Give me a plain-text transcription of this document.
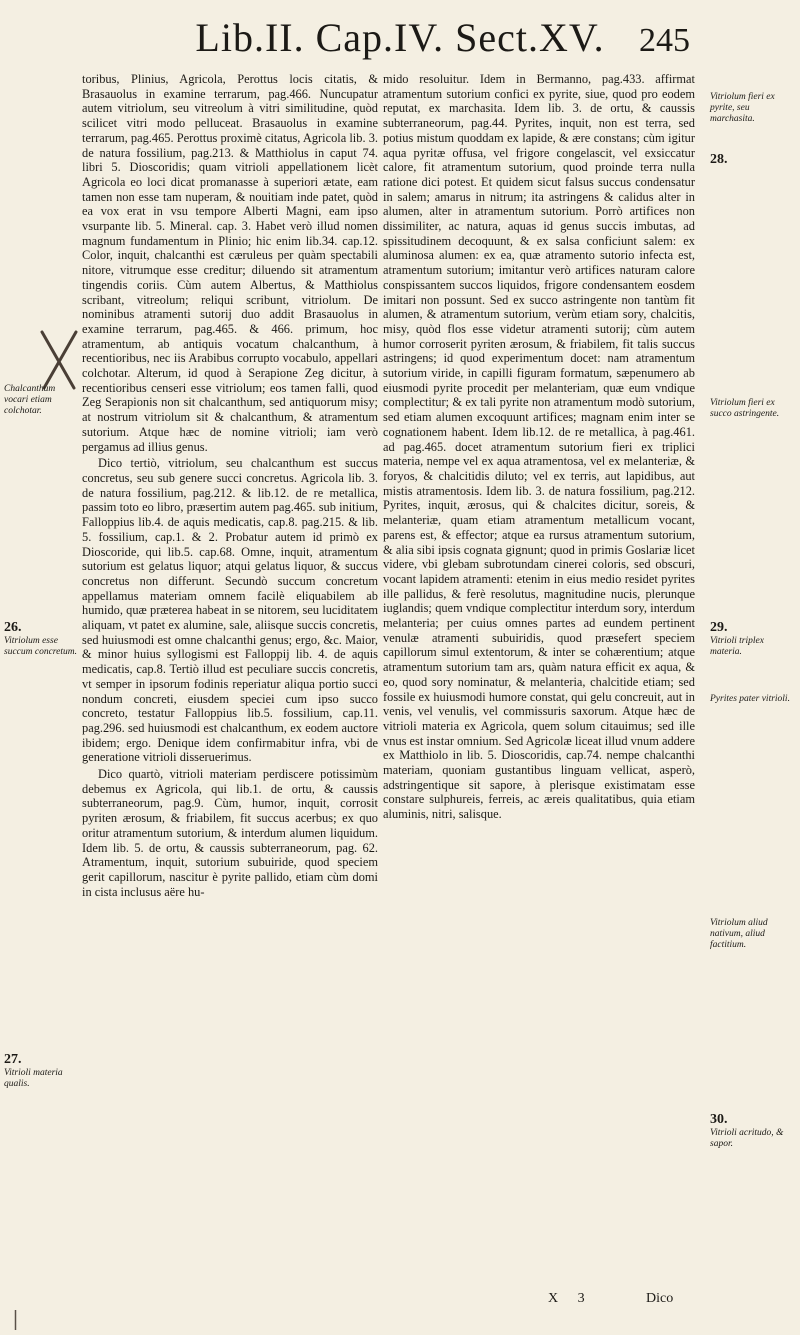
Lib.II. Cap.IV. Sect.XV.	245

toribus, Plinius, Agricola, Perottus locis citatis, & Brasauolus in examine terrarum, pag.466. Nuncupatur autem vitriolum, seu vitreolum à vitri similitudine, quòd scilicet vitri modo pelluceat. Brasauolus in examine terrarum, pag.465. Perottus proximè citatus, Agricola lib. 3. de natura fossilium, pag.213. & Matthiolus in caput 74. libri 5. Dioscoridis; quam vitrioli appellationem licèt Agricola eo loci dicat promanasse à superiori ætate, eam tamen non esse tam nuperam, & nouitiam inde patet, quòd ea vox erat in vsu tempore Alberti Magni, eam ipso vsurpante lib. 5. Mineral. cap. 3. Habet verò illud nomen magnum fundamentum in Plinio; hic enim lib.34. cap.12. Color, inquit, chalcanthi est cæruleus per quàm spectabili nitore, vitrumque esse creditur; diluendo sit atramentum tingendis coriis. Cùm autem Albertus, & Matthiolus scribant, vitreolum; reliqui scribunt, vitriolum. De nominibus atramenti sutorij duo addit Brasauolus in examine terrarum, pag.465. & 466. primum, hoc atramentum, ab antiquis vocatum chalcanthum, à recentioribus, nec iis Arabibus corrupto vocabulo, appellari colchotar. Alterum, id quod à Serapione Zeg dicitur, à recentioribus censeri esse vitriolum; eos tamen falli, quod Zeg Serapionis non sit chalcanthum, sed antiquorum misy; at nostrum vitriolum sit & chalcanthum, & atramentum sutorium. Atque hæc de nomine vitrioli; iam verò pergamus ad illius genus.

Dico tertiò, vitriolum, seu chalcanthum est succus concretus, seu sub genere succi concretus. Agricola lib. 3. de natura fossilium, pag.212. & lib.12. de re metallica, passim toto eo libro, præsertim autem pag.465. sub initium, Falloppius lib.4. de aquis medicatis, cap.8. pag.215. & lib. 5. fossilium, cap.1. & 2. Probatur autem id primò ex Dioscoride, qui lib.5. cap.68. Omne, inquit, atramentum sutorium est gelatus liquor; atqui gelatus liquor, & succus concretus non differunt. Secundò succum concretum appellamus materiam omnem facilè eliquabilem ab humido, quæ præterea habeat in se nitorem, seu luciditatem aliquam, vt patet ex alumine, sale, aliisque succis concretis, sed huiusmodi est omne chalcanthi genus; ergo, &c. Maior, & minor huius syllogismi est Falloppij lib. 4. de aquis medicatis, cap.8. Tertiò illud est peculiare succis concretis, vt semper in ipsorum fodinis reperiatur aliqua portio succi nondum concreti, eiusdem speciei cum ipso succo concreto, testatur Falloppius lib.5. fossilium, cap.11. pag.296. sed huiusmodi est chalcanthum, ex eodem auctore ibidem; ergo. Denique idem confirmabitur infra, vbi de generatione vitrioli disseruerimus.

Dico quartò, vitrioli materiam perdiscere potissimùm debemus ex Agricola, qui lib.1. de ortu, & caussis subterraneorum, pag.9. Cùm, humor, inquit, corrosit pyriten ærosum, & friabilem, fit succus acerbus; ex quo oritur atramentum sutorium, & interdum alumen liquidum. Idem lib. 5. de ortu, & caussis subterraneorum, pag. 62. Atramentum, inquit, sutorium subuiride, quod speciem gerit capillorum, nascitur è pyrite pallido, etiam cùm domi in cista inclusus aëre hu-

mido resoluitur. Idem in Bermanno, pag.433. affirmat atramentum sutorium confici ex pyrite, siue, quod pro eodem reputat, ex marchasita. Idem lib. 3. de ortu, & caussis subterraneorum, pag.44. Pyrites, inquit, non est terra, sed potius mistum quoddam ex lapide, & ære constans; cùm igitur aqua pyritæ offusa, vel frigore congelascit, vel exsiccatur calore, fit atramentum sutorium, quod proinde terra nulla ratione dici potest. Et quidem sicut falsus succus condensatur in salem; amarus in nitrum; ita astringens & calidus alter in alumen, alter in atramentum sutorium. Porrò artifices non dissimiliter, ac natura, aquas id genus succis imbutas, ad spissitudinem decoquunt, & ex salsa conficiunt salem: ex aluminosa alumen: ex ea, quæ atramento sutorio infecta est, atramentum sutorium; imitantur verò artifices naturam calore conspissantem succos liquidos, frigore condensantem eosdem imitari non possunt. Sed ex succo astringente non tantùm fit alumen, & atramentum sutorium, verùm etiam sory, chalcitis, misy, quòd flos esse videtur atramenti sutorij; cùm autem humor corroserit pyriten ærosum, & friabilem, fit talis succus astringens; id quod experimentum docet: nam atramentum sutorium viride, in capilli figuram formatum, sæpenumero ab eiusmodi pyrite procedit per melanteriam, quæ eum vndique complectitur; & ex tali pyrite non atramentum modò sutorium, sed etiam alumen excoquunt artifices; magnam enim inter se cognationem habent. Idem lib.12. de re metallica, à pag.461. ad pag.465. docet atramentum sutorium fieri ex triplici materia, nempe vel ex aqua atramentosa, vel ex melanteriæ, & foryos, & chalcitidis diluto; vel ex terris, aut lapidibus, aut mistis atramentosis. Idem lib. 3. de natura fossilium, pag.212. Pyrites, inquit, ærosus, qui & chalcites dicitur, soreis, & melanteriæ, quam etiam atramentum metallicum vocant, parens est, & effector; atque ea rursus atramentum sutorium, & alia sibi ipsis cognata gignunt; quod in primis Goslariæ licet videre, vbi glebam subrotundam cinerei coloris, sed obscuri, vocant lapidem atramenti: etenim in eius medio residet pyrites ille pallidus, & ferè resolutus, magnitudine nucis, plerunque iuglandis; quem vndique complectitur interdum sory, interdum melanteria; per cuius omnes partes ad eundem pertinent venulæ atramenti subuiridis, quod præsefert speciem capillorum simul extentorum, & inter se cohærentium; atque atramentum sutorium tam ars, quàm natura efficit ex aqua, & eo, quod sory nominatur, & melanteria, chalcitide etiam; sed fossile ex huiusmodi humore constat, qui gelu concreuit, aut in venis, vel venulis, vel commissuris saxorum. Atque hæc de vitrioli materia ex Agricola, quem solum citauimus; sed ille vnus est instar omnium. Sed Agricolæ liceat illud vnum addere ex Matthiolo in lib. 5. Dioscoridis, cap.74. nempe chalcanthi materiam, quoniam gustantibus linguam vellicat, asperò, adstringentique sit sapore, à plerisque existimatam esse constare sulphureis, ferreis, ac æreis qualitatibus, quia etiam aluminis, nitri, salisque.

Chalcanthum vocari etiam colchotar.
26.
Vitriolum esse succum concretum.
27.
Vitrioli materia qualis.
Vitriolum fieri ex pyrite, seu marchasita.
28.
Vitriolum fieri ex succo astringente.
29.
Vitrioli triplex materia.
Pyrites pater vitrioli.
Vitriolum aliud nativum, aliud factitium.
30.
Vitrioli acritudo, & sapor.
X 3	Dico
